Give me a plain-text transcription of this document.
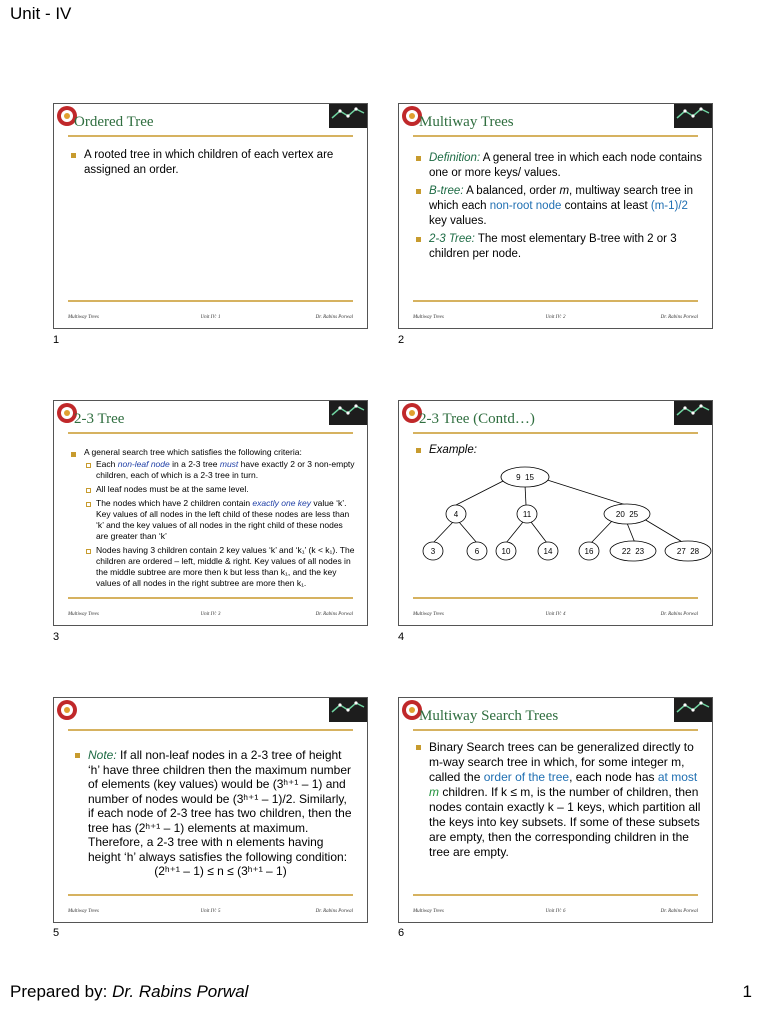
Unit - IV
Ordered Tree
A rooted tree in which children of each vertex are assigned an order.
Multiway Trees	Unit IV: 1	Dr. Rabins Porwal
1
Multiway Trees
Definition: A general tree in which each node contains one or more keys/ values.
B-tree: A balanced, order m, multiway search tree in which each non-root node contains at least (m-1)/2 key values.
2-3 Tree: The most elementary B-tree with 2 or 3 children per node.
Multiway Trees	Unit IV: 2	Dr. Rabins Porwal
2
2-3 Tree
A general search tree which satisfies the following criteria:
Each non-leaf node in a 2-3 tree must have exactly 2 or 3 non-empty children, each of which is a 2-3 tree in turn.
All leaf nodes must be at the same level.
The nodes which have 2 children contain exactly one key value ‘k’. Key values of all nodes in the left child of these nodes are less than ‘k’ and the key values of all nodes in the right child of these nodes are greater than ‘k’
Nodes having 3 children contain 2 key values ‘k’ and ‘k₁’ (k < k₁). The children are ordered – left, middle & right. Key values of all nodes in the middle subtree are more then k but less than k₁, and the key values of all nodes in the right subtree are more then k₁.
Multiway Trees	Unit IV: 3	Dr. Rabins Porwal
3
2-3 Tree (Contd…)
Example:
9  15
4	11	20  25
3	6	10	14	16	22  23	27  28
Multiway Trees	Unit IV: 4	Dr. Rabins Porwal
4
Note: If all non-leaf nodes in a 2-3 tree of height ‘h’ have three children then the maximum number of elements (key values) would be (3ʰ⁺¹ – 1) and number of nodes would be (3ʰ⁺¹ – 1)/2. Similarly, if each node of 2-3 tree has two children, then the tree has (2ʰ⁺¹ – 1) elements at maximum. Therefore, a 2-3 tree with n elements having height ‘h’ always satisfies the following condition:
(2ʰ⁺¹ – 1) ≤ n ≤ (3ʰ⁺¹ – 1)
Multiway Trees	Unit IV: 5	Dr. Rabins Porwal
5
Multiway Search Trees
Binary Search trees can be generalized directly to m-way search tree in which, for some integer m, called the order of the tree, each node has at most m children. If k ≤ m, is the number of children, then nodes contain exactly k – 1 keys, which partition all the keys into key subsets. If some of these subsets are empty, then the corresponding children in the tree are empty.
Multiway Trees	Unit IV: 6	Dr. Rabins Porwal
6
Prepared by: Dr. Rabins Porwal	1
